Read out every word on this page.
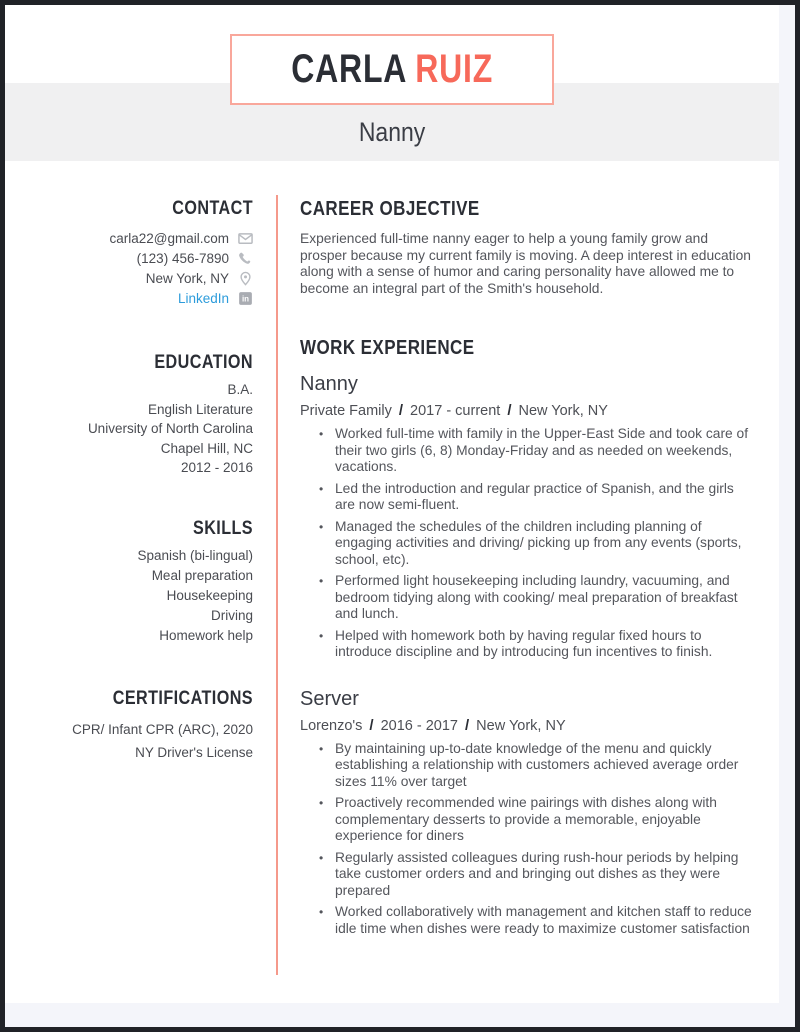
CARLA RUIZ
Nanny
CONTACT
carla22@gmail.com
(123) 456-7890
New York, NY
LinkedIn in
EDUCATION
B.A.
English Literature
University of North Carolina
Chapel Hill, NC
2012 - 2016
SKILLS
Spanish (bi-lingual)
Meal preparation
Housekeeping
Driving
Homework help
CERTIFICATIONS
CPR/ Infant CPR (ARC), 2020
NY Driver's License
CAREER OBJECTIVE

Experienced full-time nanny eager to help a young family grow and prosper because my current family is moving. A deep interest in education along with a sense of humor and caring personality have allowed me to become an integral part of the Smith's household.

WORK EXPERIENCE
Nanny
Private Family / 2017 - current / New York, NY
• Worked full-time with family in the Upper-East Side and took care of their two girls (6, 8) Monday-Friday and as needed on weekends, vacations.
• Led the introduction and regular practice of Spanish, and the girls are now semi-fluent.
• Managed the schedules of the children including planning of engaging activities and driving/ picking up from any events (sports, school, etc).
• Performed light housekeeping including laundry, vacuuming, and bedroom tidying along with cooking/ meal preparation of breakfast and lunch.
• Helped with homework both by having regular fixed hours to introduce discipline and by introducing fun incentives to finish.
Server
Lorenzo's / 2016 - 2017 / New York, NY
• By maintaining up-to-date knowledge of the menu and quickly establishing a relationship with customers achieved average order sizes 11% over target
• Proactively recommended wine pairings with dishes along with complementary desserts to provide a memorable, enjoyable experience for diners
• Regularly assisted colleagues during rush-hour periods by helping take customer orders and and bringing out dishes as they were prepared
• Worked collaboratively with management and kitchen staff to reduce idle time when dishes were ready to maximize customer satisfaction
